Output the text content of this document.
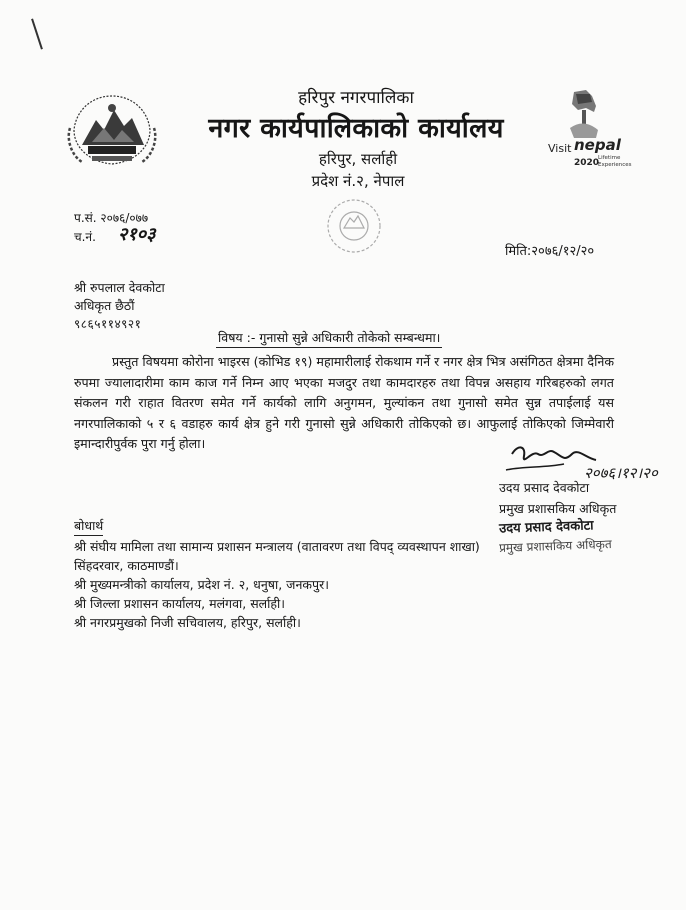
Visit nepal
2020
Lifetime
Experiences
हरिपुर नगरपालिका
नगर कार्यपालिकाको कार्यालय
हरिपुर, सर्लाही
प्रदेश नं.२, नेपाल
प.सं. २०७६/०७७
च.नं. २१०३
मिति:२०७६/१२/२०
श्री रुपलाल देवकोटा
अधिकृत छैठौं
९८६५११४९२१
विषय :- गुनासो सुन्ने अधिकारी तोकेको सम्बन्धमा।
प्रस्तुत विषयमा कोरोना भाइरस (कोभिड १९) महामारीलाई रोकथाम गर्ने र नगर क्षेत्र भित्र असंगिठत क्षेत्रमा दैनिक रुपमा ज्यालादारीमा काम काज गर्ने निम्न आए भएका मजदुर तथा कामदारहरु तथा विपन्न असहाय गरिबहरुको लगत संकलन गरी राहात वितरण समेत गर्ने कार्यको लागि अनुगमन, मुल्यांकन तथा गुनासो समेत सुन्न तपाईलाई यस नगरपालिकाको ५ र ६ वडाहरु कार्य क्षेत्र हुने गरी गुनासो सुन्ने अधिकारी तोकिएको छ। आफुलाई तोकिएको जिम्मेवारी इमान्दारीपुर्वक पुरा गर्नु होला।
२०७६।१२।२०
उदय प्रसाद देवकोटा
प्रमुख प्रशासकिय अधिकृत
उदय प्रसाद देवकोटा
प्रमुख प्रशासकिय अधिकृत
बोधार्थ
श्री संघीय मामिला तथा सामान्य प्रशासन मन्त्रालय (वातावरण तथा विपद् व्यवस्थापन शाखा)
सिंहदरवार, काठमाण्डौं।
श्री मुख्यमन्त्रीको कार्यालय, प्रदेश नं. २, धनुषा, जनकपुर।
श्री जिल्ला प्रशासन कार्यालय, मलंगवा, सर्लाही।
श्री नगरप्रमुखको निजी सचिवालय, हरिपुर, सर्लाही।
